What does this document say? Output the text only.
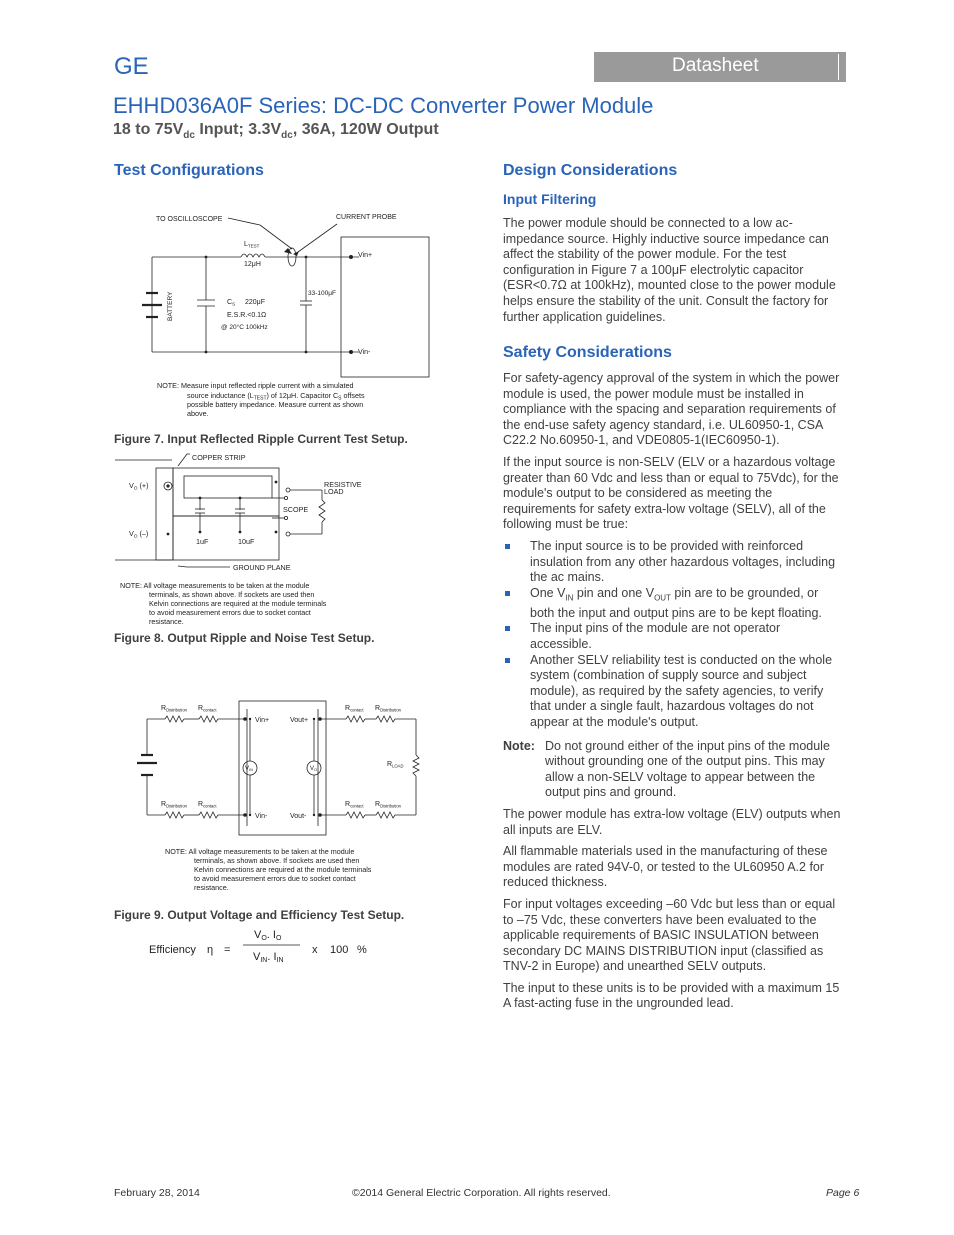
GE	Datasheet
EHHD036A0F Series: DC-DC Converter Power Module
18 to $75V_{dc}$ Input; $3.3V_{dc}$, 36A, 120W Output
Test Configurations
TO OSCILLOSCOPE	CURRENT PROBE
$L_{TEST}$
12μH
BATTERY	$C_S$ 220μF
E.S.R.<0.1Ω
@ 20°C 100kHz
33-100μF
Vin+
Vin-
NOTE: Measure input reflected ripple current with a simulated
source inductance $(L_{TEST})$ of 12μH. Capacitor $C_S$ offsets
possible battery impedance. Measure current as shown
above.
Figure 7. Input Reflected Ripple Current Test Setup.
COPPER STRIP
$V_O$ (+)
$V_O$ (–)
RESISTIVE
LOAD
SCOPE
1uF	10uF
GROUND PLANE
NOTE: All voltage measurements to be taken at the module
terminals, as shown above. If sockets are used then
Kelvin connections are required at the module terminals
to avoid measurement errors due to socket contact
resistance.
Figure 8. Output Ripple and Noise Test Setup.
$R_{Distribution}$ $R_{contact}$
$R_{Distribution}$ $R_{contact}$
$R_{contact}$ $R_{Distribution}$
$R_{contact}$ $R_{Distribution}$
$R_{LOAD}$
Vin+	Vout+
Vin-	Vout-
VIN	VO
NOTE: All voltage measurements to be taken at the module
terminals, as shown above. If sockets are used then
Kelvin connections are required at the module terminals
to avoid measurement errors due to socket contact
resistance.
Figure 9. Output Voltage and Efficiency Test Setup.
Efficiency η =
VO. IO
VIN. IIN
x 100 %
Design Considerations
Input Filtering

The power module should be connected to a low ac-impedance source. Highly inductive source impedance can affect the stability of the power module. For the test configuration in Figure 7 a 100μF electrolytic capacitor (ESR<0.7Ω at 100kHz), mounted close to the power module helps ensure the stability of the unit. Consult the factory for further application guidelines.

Safety Considerations

For safety-agency approval of the system in which the power module is used, the power module must be installed in compliance with the spacing and separation requirements of the end-use safety agency standard, i.e. UL60950-1, CSA C22.2 No.60950-1, and VDE0805-1(IEC60950-1).

If the input source is non-SELV (ELV or a hazardous voltage greater than 60 Vdc and less than or equal to 75Vdc), for the module's output to be considered as meeting the requirements for safety extra-low voltage (SELV), all of the following must be true:

The input source is to be provided with reinforced insulation from any other hazardous voltages, including the ac mains.
One $V_{IN}$ pin and one $V_{OUT}$ pin are to be grounded, or both the input and output pins are to be kept floating.
The input pins of the module are not operator accessible.
Another SELV reliability test is conducted on the whole system (combination of supply source and subject module), as required by the safety agencies, to verify that under a single fault, hazardous voltages do not appear at the module's output.
Note: Do not ground either of the input pins of the module without grounding one of the output pins. This may allow a non-SELV voltage to appear between the output pins and ground.

The power module has extra-low voltage (ELV) outputs when all inputs are ELV.

All flammable materials used in the manufacturing of these modules are rated 94V-0, or tested to the UL60950 A.2 for reduced thickness.

For input voltages exceeding –60 Vdc but less than or equal to –75 Vdc, these converters have been evaluated to the applicable requirements of BASIC INSULATION between secondary DC MAINS DISTRIBUTION input (classified as TNV-2 in Europe) and unearthed SELV outputs.

The input to these units is to be provided with a maximum 15 A fast-acting fuse in the ungrounded lead.

February 28, 2014	©2014 General Electric Corporation. All rights reserved.	Page 6
